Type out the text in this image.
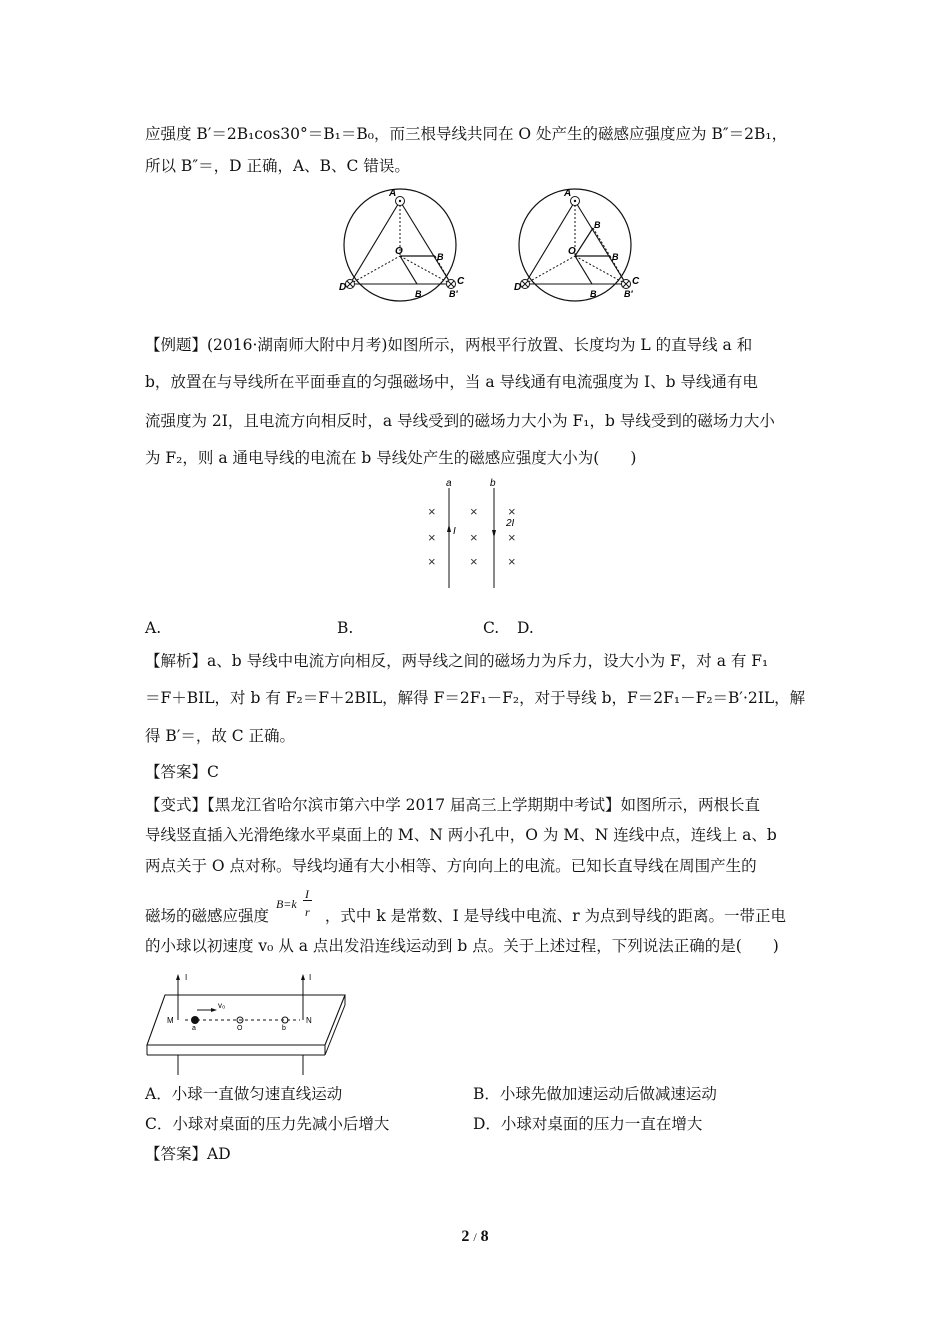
应强度 B′＝2B₁cos30°＝B₁＝B₀，而三根导线共同在 O 处产生的磁感应强度应为 B″＝2B₁，
所以 B″＝，D 正确，A、B、C 错误。
A
O	B
B
C
D
B′
A
O
B
B
B
C
D
B′
【例题】(2016·湖南师大附中月考)如图所示，两根平行放置、长度均为 L 的直导线 a 和
b，放置在与导线所在平面垂直的匀强磁场中，当 a 导线通有电流强度为 I、b 导线通有电
流强度为 2I，且电流方向相反时，a 导线受到的磁场力大小为 F₁，b 导线受到的磁场力大小
为 F₂，则 a 通电导线的电流在 b 导线处产生的磁感应强度大小为(　　)
a	b
I
2I
×	× ×
×	× ×
×	× ×
A.	B.	C. D.
【解析】a、b 导线中电流方向相反，两导线之间的磁场力为斥力，设大小为 F，对 a 有 F₁
＝F＋BIL，对 b 有 F₂＝F＋2BIL，解得 F＝2F₁－F₂，对于导线 b，F＝2F₁－F₂＝B′·2IL，解
得 B′＝，故 C 正确。
【答案】C
【变式】【黑龙江省哈尔滨市第六中学 2017 届高三上学期期中考试】如图所示，两根长直
导线竖直插入光滑绝缘水平桌面上的 M、N 两小孔中，O 为 M、N 连线中点，连线上 a、b
两点关于 O 点对称。导线均通有大小相等、方向向上的电流。已知长直导线在周围产生的
磁场的磁感应强度
B=k
I
r ，式中 k 是常数、I 是导线中电流、r 为点到导线的距离。一带正电
的小球以初速度 v₀ 从 a 点出发沿连线运动到 b 点。关于上述过程，下列说法正确的是(　　)
I	I
M	N
a	O	b
v₀
A．小球一直做匀速直线运动	B．小球先做加速运动后做减速运动
C．小球对桌面的压力先减小后增大	D．小球对桌面的压力一直在增大
【答案】AD
2 / 8
